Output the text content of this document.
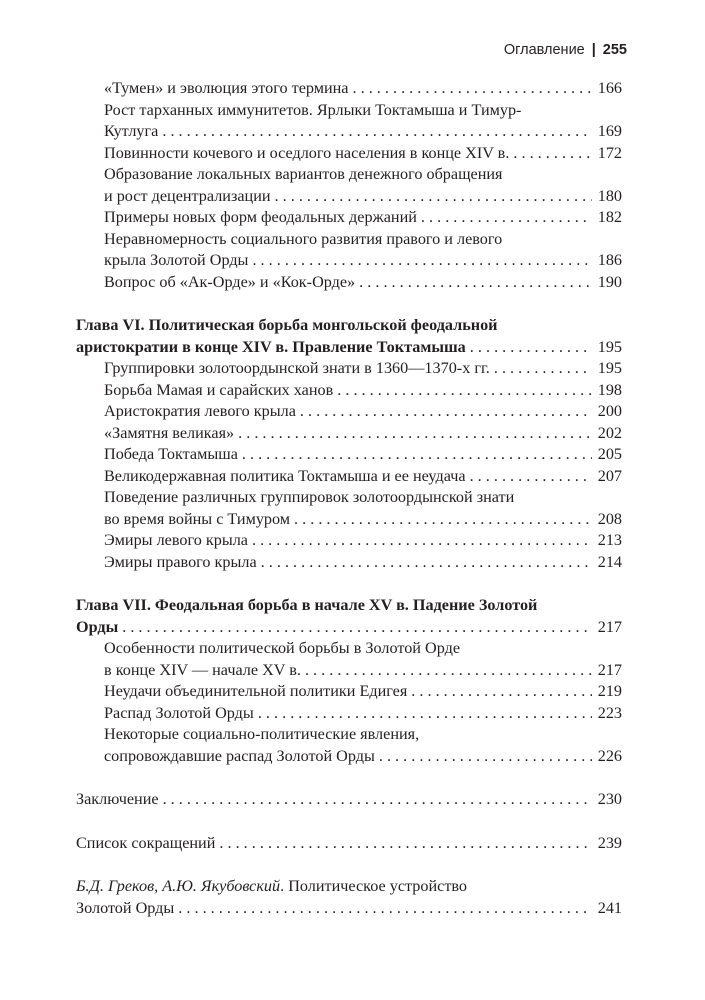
Оглавление | 255
«Тумен» и эволюция этого термина . . .	166
Рост тарханных иммунитетов. Ярлыки Токтамыша и Тимур-
Кутлуга . . .	169
Повинности кочевого и оседлого населения в конце XIV в. . . .	172
Образование локальных вариантов денежного обращения
и рост децентрализации . . .	180
Примеры новых форм феодальных держаний . . .	182
Неравномерность социального развития правого и левого
крыла Золотой Орды . . .	186
Вопрос об «Ак-Орде» и «Кок-Орде» . . .	190
Глава VI. Политическая борьба монгольской феодальной
аристократии в конце XIV в. Правление Токтамыша . . .	195
Группировки золотоордынской знати в 1360—1370-х гг. . . .	195
Борьба Мамая и сарайских ханов . . .	198
Аристократия левого крыла . . .	200
«Замятня великая» . . .	202
Победа Токтамыша . . .	205
Великодержавная политика Токтамыша и ее неудача . . .	207
Поведение различных группировок золотоордынской знати
во время войны с Тимуром . . .	208
Эмиры левого крыла . . .	213
Эмиры правого крыла . . .	214
Глава VII. Феодальная борьба в начале XV в. Падение Золотой
Орды . . .	217
Особенности политической борьбы в Золотой Орде
в конце XIV — начале XV в. . . .	217
Неудачи объединительной политики Едигея . . .	219
Распад Золотой Орды . . .	223
Некоторые социально-политические явления,
сопровождавшие распад Золотой Орды . . .	226
Заключение . . .	230
Список сокращений . . .	239
Б.Д. Греков, А.Ю. Якубовский. Политическое устройство
Золотой Орды . . .	241
